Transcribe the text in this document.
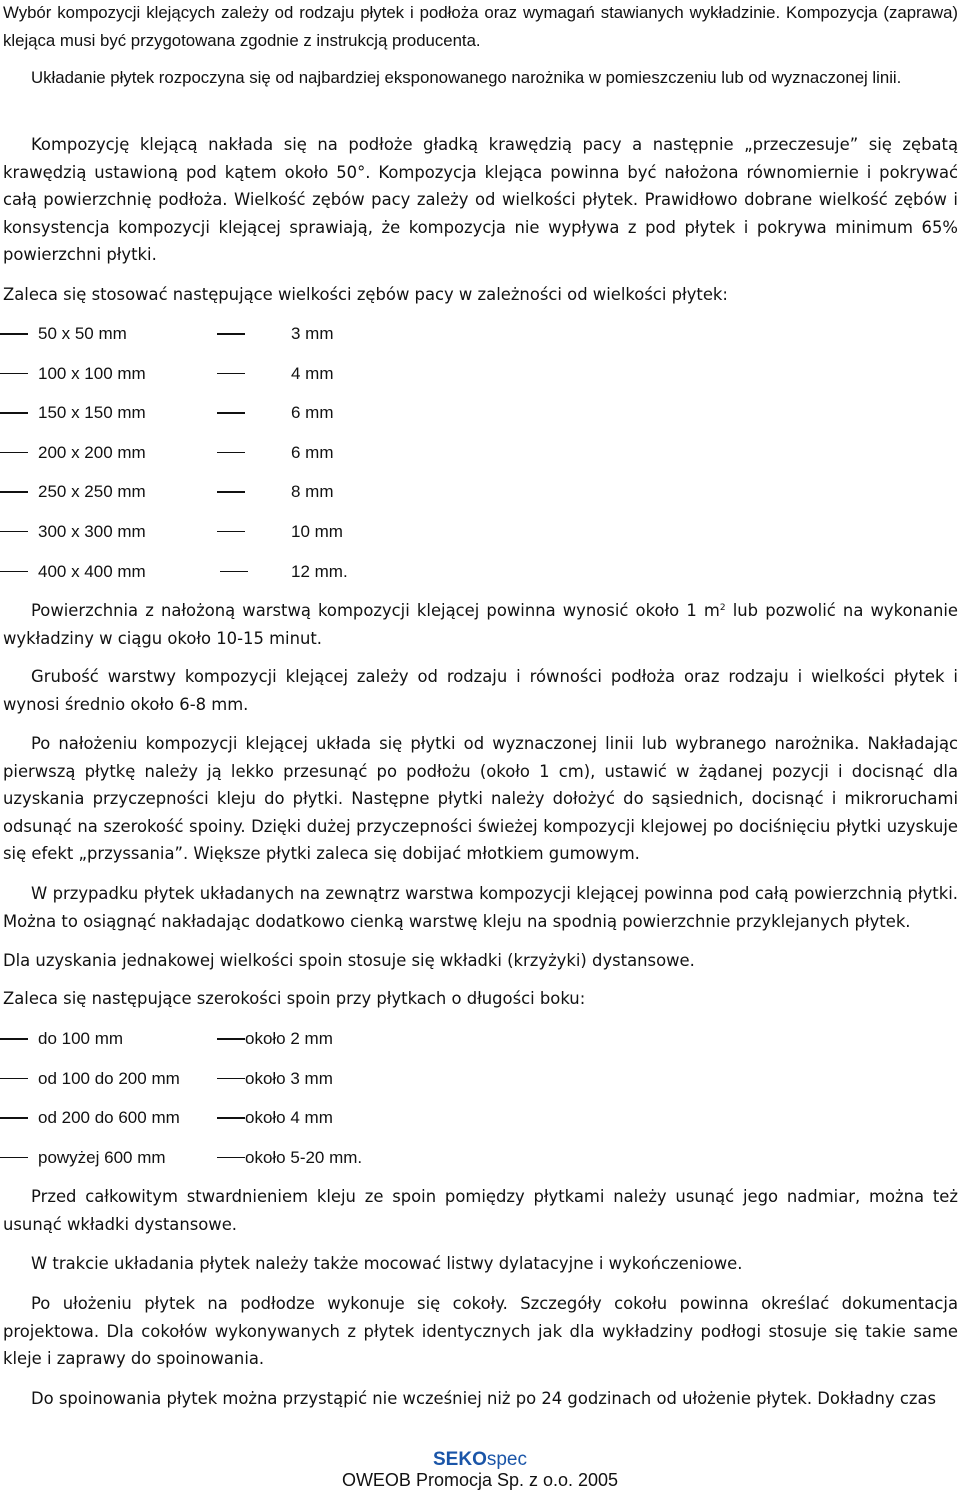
Wybór kompozycji klejących zależy od rodzaju płytek i podłoża oraz wymagań stawianych wykładzinie. Kompozycja (zaprawa) klejąca musi być przygotowana zgodnie z instrukcją producenta.

Układanie płytek rozpoczyna się od najbardziej eksponowanego narożnika w pomieszczeniu lub od wyznaczonej linii.

Kompozycję klejącą nakłada się na podłoże gładką krawędzią pacy a następnie „przeczesuje” się zębatą krawędzią ustawioną pod kątem około 50°. Kompozycja klejąca powinna być nałożona równomiernie i pokrywać całą powierzchnię podłoża. Wielkość zębów pacy zależy od wielkości płytek. Prawidłowo dobrane wielkość zębów i konsystencja kompozycji klejącej sprawiają, że kompozycja nie wypływa z pod płytek i pokrywa minimum 65% powierzchni płytki.

Zaleca się stosować następujące wielkości zębów pacy w zależności od wielkości płytek:

50 x 50 mm	3 mm
100 x 100 mm	4 mm
150 x 150 mm	6 mm
200 x 200 mm	6 mm
250 x 250 mm	8 mm
300 x 300 mm	10 mm
400 x 400 mm	12 mm.

Powierzchnia z nałożoną warstwą kompozycji klejącej powinna wynosić około 1 $m^2$ lub pozwolić na wykonanie wykładziny w ciągu około 10-15 minut.

Grubość warstwy kompozycji klejącej zależy od rodzaju i równości podłoża oraz rodzaju i wielkości płytek i wynosi średnio około 6-8 mm.

Po nałożeniu kompozycji klejącej układa się płytki od wyznaczonej linii lub wybranego narożnika. Nakładając pierwszą płytkę należy ją lekko przesunąć po podłożu (około 1 cm), ustawić w żądanej pozycji i docisnąć dla uzyskania przyczepności kleju do płytki. Następne płytki należy dołożyć do sąsiednich, docisnąć i mikroruchami odsunąć na szerokość spoiny. Dzięki dużej przyczepności świeżej kompozycji klejowej po dociśnięciu płytki uzyskuje się efekt „przyssania”. Większe płytki zaleca się dobijać młotkiem gumowym.

W przypadku płytek układanych na zewnątrz warstwa kompozycji klejącej powinna pod całą powierzchnią płytki. Można to osiągnąć nakładając dodatkowo cienką warstwę kleju na spodnią powierzchnie przyklejanych płytek.

Dla uzyskania jednakowej wielkości spoin stosuje się wkładki (krzyżyki) dystansowe.

Zaleca się następujące szerokości spoin przy płytkach o długości boku:

do 100 mm	około 2 mm
od 100 do 200 mm	około 3 mm
od 200 do 600 mm	około 4 mm
powyżej 600 mm	około 5-20 mm.

Przed całkowitym stwardnieniem kleju ze spoin pomiędzy płytkami należy usunąć jego nadmiar, można też usunąć wkładki dystansowe.

W trakcie układania płytek należy także mocować listwy dylatacyjne i wykończeniowe.

Po ułożeniu płytek na podłodze wykonuje się cokoły. Szczegóły cokołu powinna określać dokumentacja projektowa. Dla cokołów wykonywanych z płytek identycznych jak dla wykładziny podłogi stosuje się takie same kleje i zaprawy do spoinowania.

Do spoinowania płytek można przystąpić nie wcześniej niż po 24 godzinach od ułożenie płytek. Dokładny czas

SEKOspec
OWEOB Promocja Sp. z o.o. 2005
